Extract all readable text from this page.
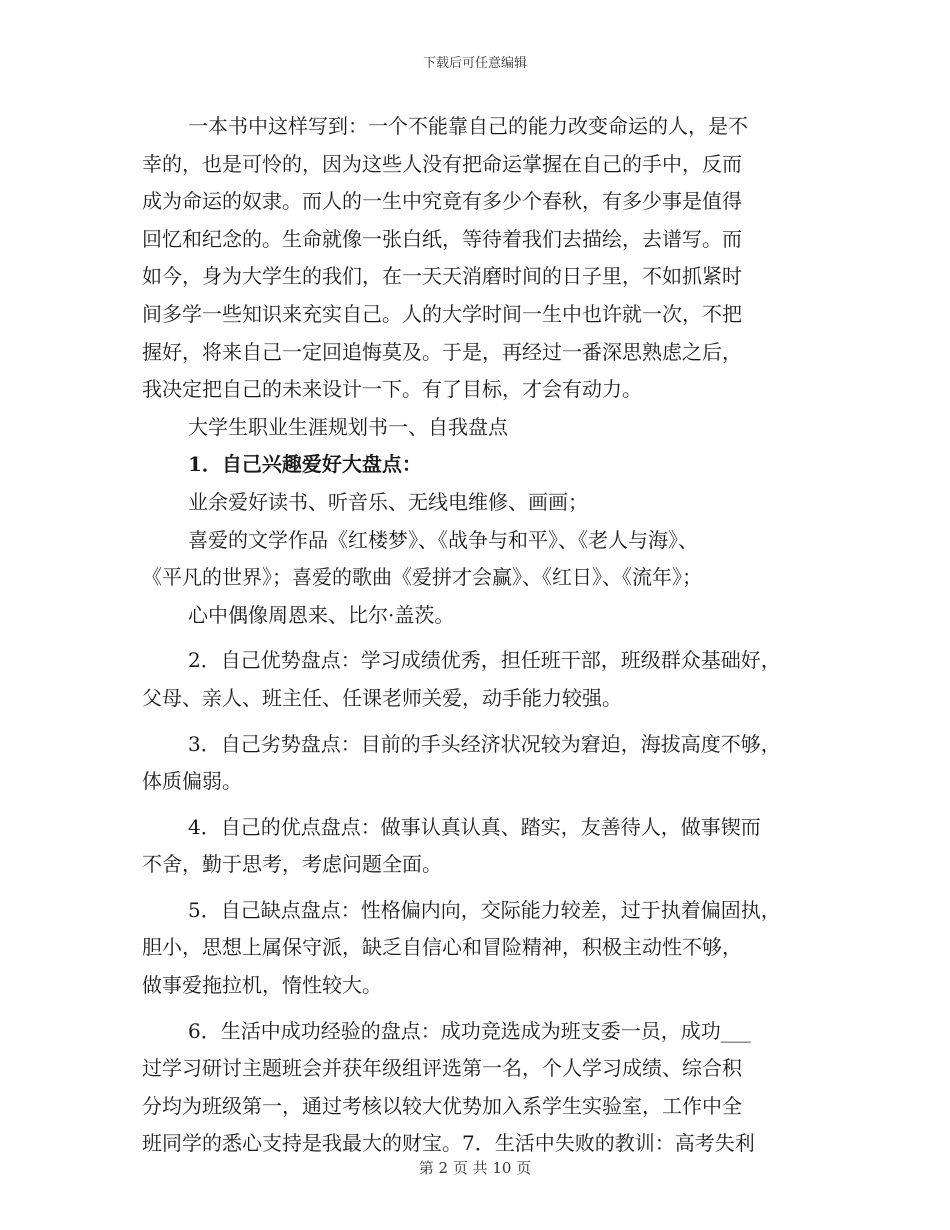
下载后可任意编辑
一本书中这样写到：一个不能靠自己的能力改变命运的人，是不
幸的，也是可怜的，因为这些人没有把命运掌握在自己的手中，反而
成为命运的奴隶。而人的一生中究竟有多少个春秋，有多少事是值得
回忆和纪念的。生命就像一张白纸，等待着我们去描绘，去谱写。而
如今，身为大学生的我们，在一天天消磨时间的日子里，不如抓紧时
间多学一些知识来充实自己。人的大学时间一生中也许就一次，不把
握好，将来自己一定回追悔莫及。于是，再经过一番深思熟虑之后，
我决定把自己的未来设计一下。有了目标，才会有动力。
大学生职业生涯规划书一、自我盘点
1．自己兴趣爱好大盘点：
业余爱好读书、听音乐、无线电维修、画画；
喜爱的文学作品《红楼梦》、《战争与和平》、《老人与海》、
《平凡的世界》；喜爱的歌曲《爱拼才会赢》、《红日》、《流年》；
心中偶像周恩来、比尔·盖茨。
2．自己优势盘点：学习成绩优秀，担任班干部，班级群众基础好，
父母、亲人、班主任、任课老师关爱，动手能力较强。
3．自己劣势盘点：目前的手头经济状况较为窘迫，海拔高度不够，
体质偏弱。
4．自己的优点盘点：做事认真认真、踏实，友善待人，做事锲而
不舍，勤于思考，考虑问题全面。
5．自己缺点盘点：性格偏内向，交际能力较差，过于执着偏固执，
胆小，思想上属保守派，缺乏自信心和冒险精神，积极主动性不够，
做事爱拖拉机，惰性较大。
6．生活中成功经验的盘点：成功竞选成为班支委一员，成功___
过学习研讨主题班会并获年级组评选第一名，个人学习成绩、综合积
分均为班级第一，通过考核以较大优势加入系学生实验室，工作中全
班同学的悉心支持是我最大的财宝。7．生活中失败的教训：高考失利
第 2 页 共 10 页
